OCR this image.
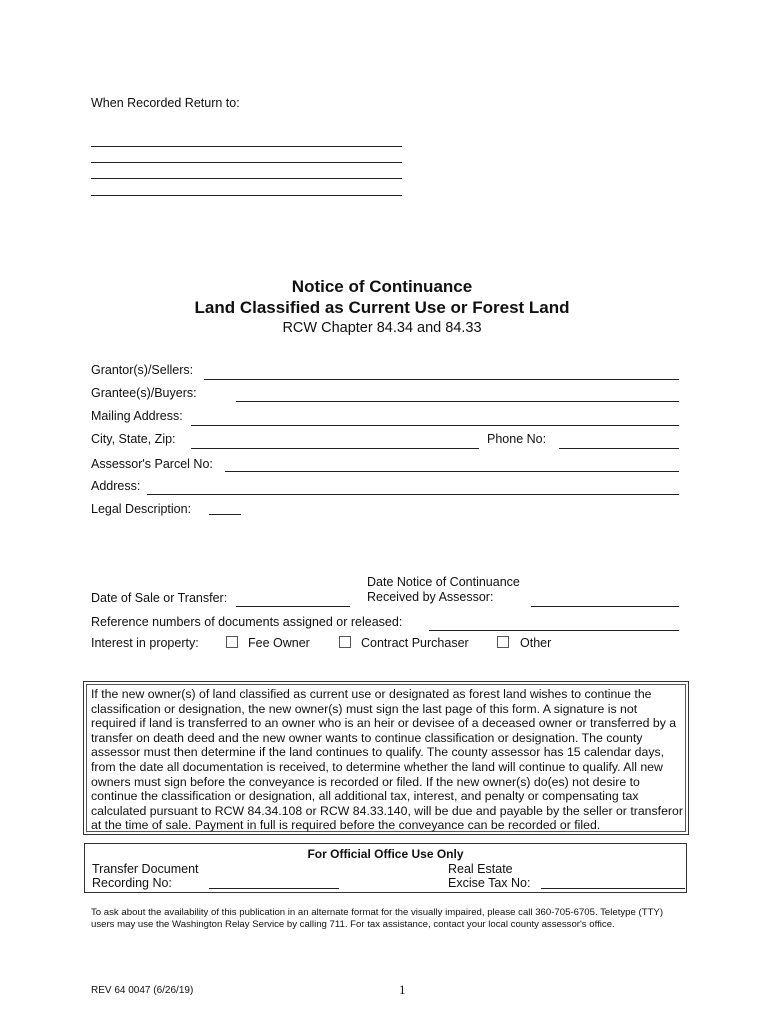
When Recorded Return to:
Notice of Continuance
Land Classified as Current Use or Forest Land
RCW Chapter 84.34 and 84.33
Grantor(s)/Sellers:
Grantee(s)/Buyers:
Mailing Address:
City, State, Zip:	Phone No:
Assessor's Parcel No:
Address:
Legal Description:
Date Notice of Continuance
Received by Assessor:
Date of Sale or Transfer:
Reference numbers of documents assigned or released:
Interest in property:	Fee Owner	Contract Purchaser	Other
If the new owner(s) of land classified as current use or designated as forest land wishes to continue the classification or designation, the new owner(s) must sign the last page of this form. A signature is not required if land is transferred to an owner who is an heir or devisee of a deceased owner or transferred by a transfer on death deed and the new owner wants to continue classification or designation. The county assessor must then determine if the land continues to qualify. The county assessor has 15 calendar days, from the date all documentation is received, to determine whether the land will continue to qualify. All new owners must sign before the conveyance is recorded or filed. If the new owner(s) do(es) not desire to continue the classification or designation, all additional tax, interest, and penalty or compensating tax calculated pursuant to RCW 84.34.108 or RCW 84.33.140, will be due and payable by the seller or transferor at the time of sale. Payment in full is required before the conveyance can be recorded or filed.
For Official Office Use Only
Transfer Document
Recording No:
Real Estate
Excise Tax No:
To ask about the availability of this publication in an alternate format for the visually impaired, please call 360-705-6705. Teletype (TTY) users may use the Washington Relay Service by calling 711. For tax assistance, contact your local county assessor's office.
REV 64 0047 (6/26/19)	1
